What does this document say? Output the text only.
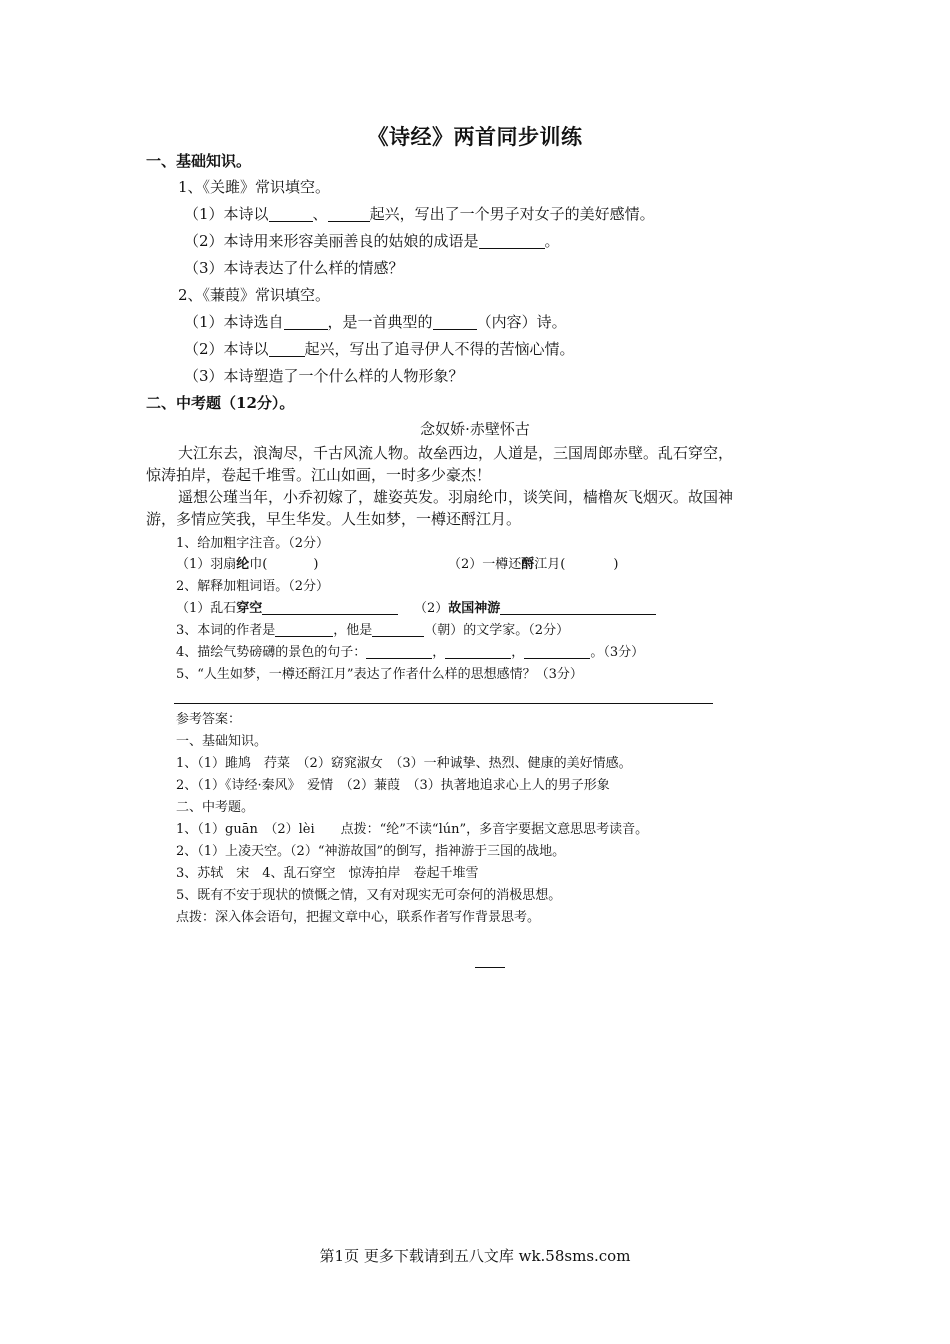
《诗经》两首同步训练
一、基础知识。
1、《关雎》常识填空。
（1）本诗以	、	起兴，写出了一个男子对女子的美好感情。
（2）本诗用来形容美丽善良的姑娘的成语是	。
（3）本诗表达了什么样的情感？
2、《蒹葭》常识填空。
（1）本诗选自	，是一首典型的	（内容）诗。
（2）本诗以 起兴，写出了追寻伊人不得的苦恼心情。
（3）本诗塑造了一个什么样的人物形象？
二、中考题（12分）。
念奴娇·赤壁怀古
大江东去，浪淘尽，千古风流人物。故垒西边，人道是，三国周郎赤壁。乱石穿空，
惊涛拍岸，卷起千堆雪。江山如画，一时多少豪杰！
遥想公瑾当年，小乔初嫁了，雄姿英发。羽扇纶巾，谈笑间，樯橹灰飞烟灭。故国神
游，多情应笑我，早生华发。人生如梦，一樽还酹江月。
1、给加粗字注音。（2分）
（1）羽扇纶巾(	)	（2）一樽还酹江月(	)
2、解释加粗词语。（2分）
（1）乱石穿空	（2）故国神游
3、本词的作者是	，他是	（朝）的文学家。（2分）
4、描绘气势磅礴的景色的句子：	，	，	。（3分）
5、“人生如梦，一樽还酹江月”表达了作者什么样的思想感情？（3分）
参考答案：
一、基础知识。
1、（1）雎鸠　荇菜　（2）窈窕淑女　（3）一种诚挚、热烈、健康的美好情感。
2、（1）《诗经·秦风》　爱情　（2）蒹葭　（3）执著地追求心上人的男子形象
二、中考题。
1、（1）guān　（2）lèi　　点拨：“纶”不读“lún”，多音字要据文意思思考读音。
2、（1）上凌天空。（2）“神游故国”的倒写，指神游于三国的战地。
3、苏轼　宋　4、乱石穿空　惊涛拍岸　卷起千堆雪
5、既有不安于现状的愤慨之情，又有对现实无可奈何的消极思想。
点拨：深入体会语句，把握文章中心，联系作者写作背景思考。
第1页 更多下载请到五八文库 wk.58sms.com
